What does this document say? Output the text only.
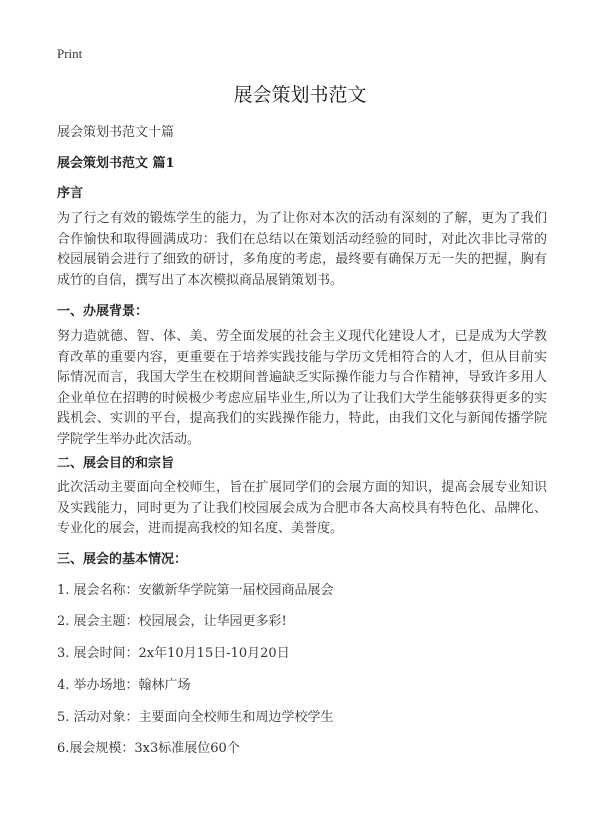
Print
展会策划书范文
展会策划书范文十篇
展会策划书范文 篇1
序言
为了行之有效的锻炼学生的能力，为了让你对本次的活动有深刻的了解，更为了我们合作愉快和取得圆满成功：我们在总结以在策划活动经验的同时，对此次非比寻常的校园展销会进行了细致的研讨，多角度的考虑，最终要有确保万无一失的把握，胸有成竹的自信，撰写出了本次模拟商品展销策划书。
一、办展背景：
努力造就德、智、体、美、劳全面发展的社会主义现代化建设人才，已是成为大学教育改革的重要内容，更重要在于培养实践技能与学历文凭相符合的人才，但从目前实际情况而言，我国大学生在校期间普遍缺乏实际操作能力与合作精神，导致许多用人企业单位在招聘的时候极少考虑应届毕业生,所以为了让我们大学生能够获得更多的实践机会、实训的平台，提高我们的实践操作能力，特此，由我们文化与新闻传播学院学院学生举办此次活动。
二、展会目的和宗旨
此次活动主要面向全校师生，旨在扩展同学们的会展方面的知识，提高会展专业知识及实践能力，同时更为了让我们校园展会成为合肥市各大高校具有特色化、品牌化、专业化的展会，进而提高我校的知名度、美誉度。
三、展会的基本情况：
1. 展会名称：安徽新华学院第一届校园商品展会
2. 展会主题：校园展会，让华园更多彩!
3. 展会时间：2x年10月15日-10月20日
4. 举办场地：翰林广场
5. 活动对象：主要面向全校师生和周边学校学生
6.展会规模：3x3标准展位60个
